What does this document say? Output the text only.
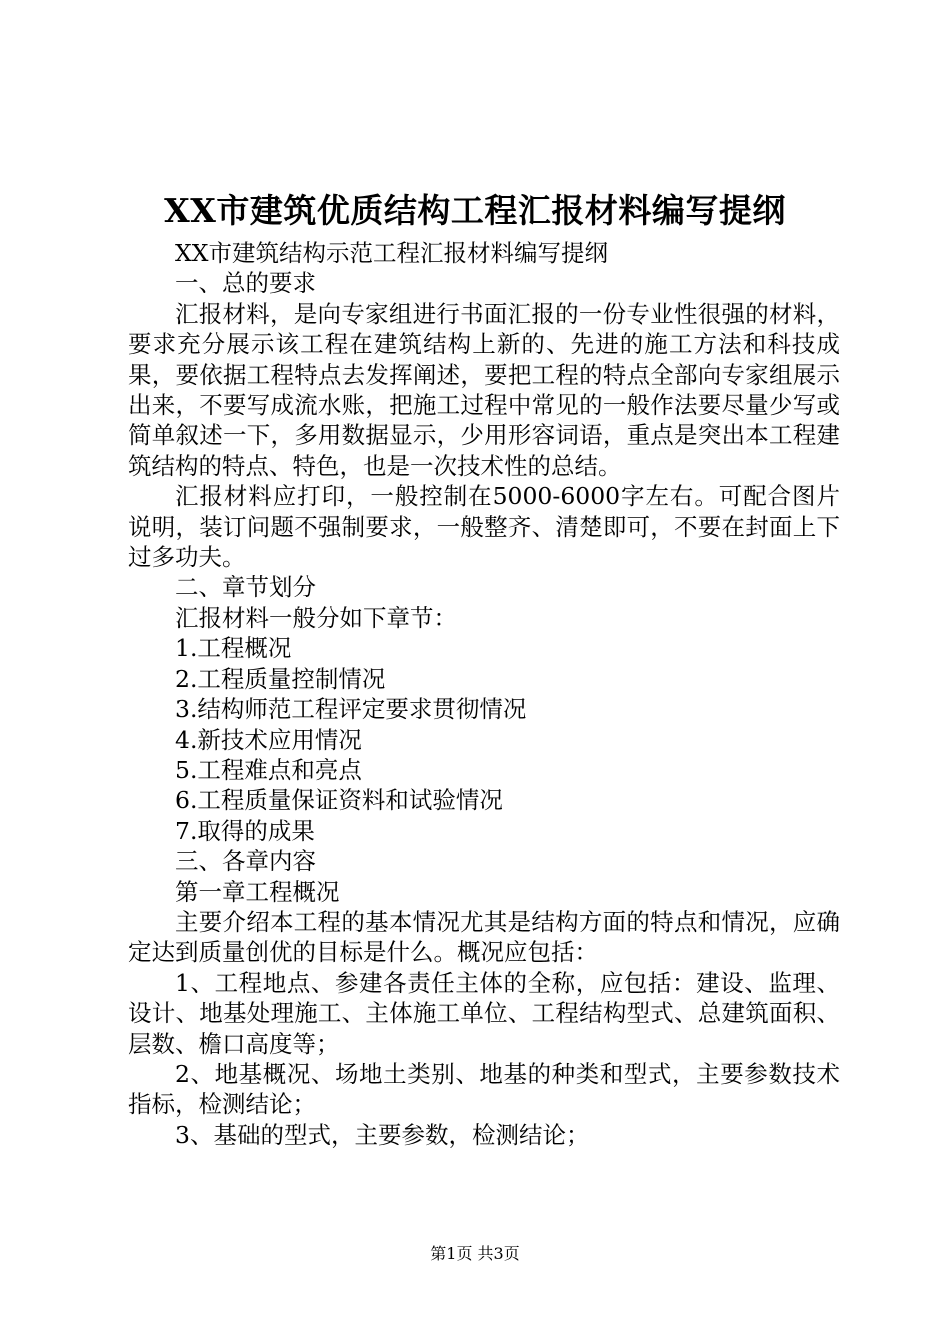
XX市建筑优质结构工程汇报材料编写提纲

XX市建筑结构示范工程汇报材料编写提纲

一、总的要求

汇报材料，是向专家组进行书面汇报的一份专业性很强的材料，要求充分展示该工程在建筑结构上新的、先进的施工方法和科技成果，要依据工程特点去发挥阐述，要把工程的特点全部向专家组展示出来，不要写成流水账，把施工过程中常见的一般作法要尽量少写或简单叙述一下，多用数据显示，少用形容词语，重点是突出本工程建筑结构的特点、特色，也是一次技术性的总结。

汇报材料应打印，一般控制在5000-6000字左右。可配合图片说明，装订问题不强制要求，一般整齐、清楚即可，不要在封面上下过多功夫。

二、章节划分

汇报材料一般分如下章节：

1.工程概况

2.工程质量控制情况

3.结构师范工程评定要求贯彻情况

4.新技术应用情况

5.工程难点和亮点

6.工程质量保证资料和试验情况

7.取得的成果

三、各章内容

第一章工程概况

主要介绍本工程的基本情况尤其是结构方面的特点和情况，应确定达到质量创优的目标是什么。概况应包括：

1、工程地点、参建各责任主体的全称，应包括：建设、监理、设计、地基处理施工、主体施工单位、工程结构型式、总建筑面积、层数、檐口高度等；

2、地基概况、场地土类别、地基的种类和型式，主要参数技术指标，检测结论；

3、基础的型式，主要参数，检测结论；

第1页 共3页
